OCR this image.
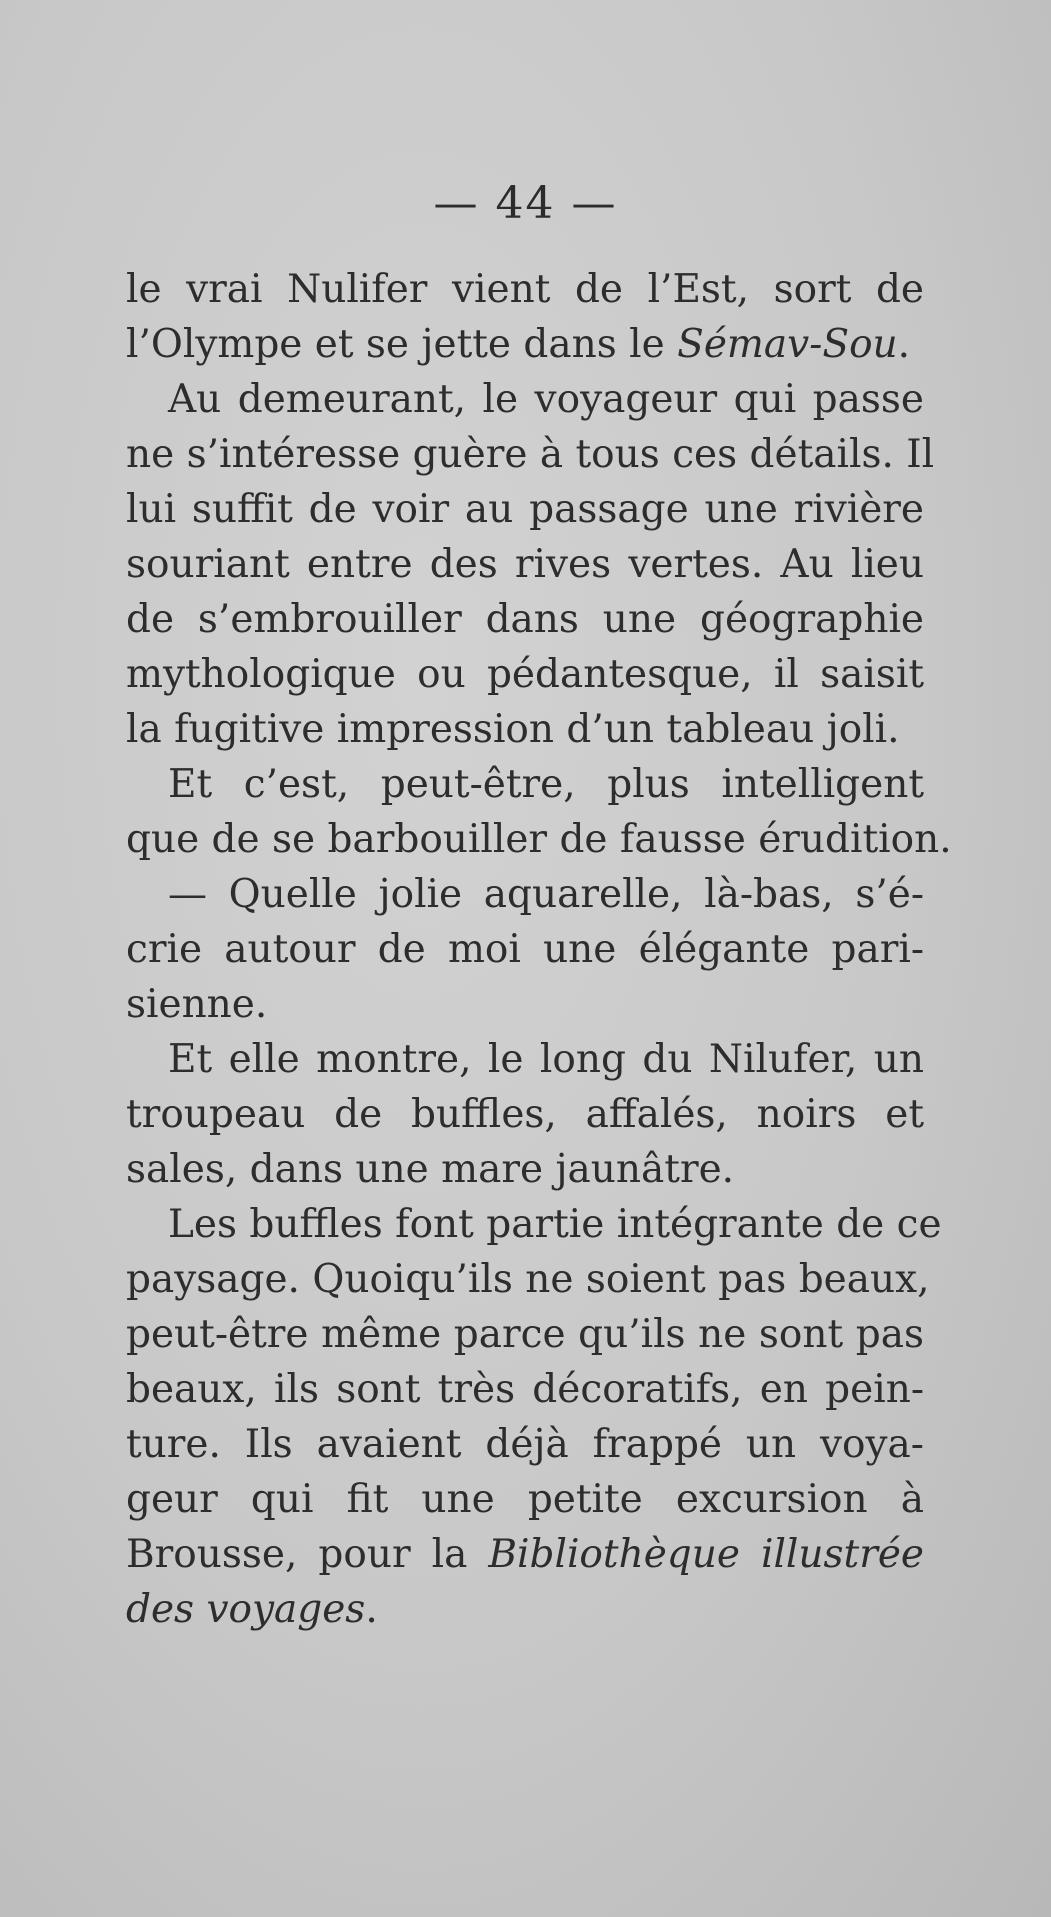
— 44 —
le vrai Nulifer vient de l’Est, sort de
l’Olympe et se jette dans le Sémav-Sou.
Au demeurant, le voyageur qui passe
ne s’intéresse guère à tous ces détails. Il
lui suffit de voir au passage une rivière
souriant entre des rives vertes. Au lieu
de s’embrouiller dans une géographie
mythologique ou pédantesque, il saisit
la fugitive impression d’un tableau joli.
Et c’est, peut-être, plus intelligent
que de se barbouiller de fausse érudition.
— Quelle jolie aquarelle, là-bas, s’é-
crie autour de moi une élégante pari-
sienne.
Et elle montre, le long du Nilufer, un
troupeau de buffles, affalés, noirs et
sales, dans une mare jaunâtre.
Les buffles font partie intégrante de ce
paysage. Quoiqu’ils ne soient pas beaux,
peut-être même parce qu’ils ne sont pas
beaux, ils sont très décoratifs, en pein-
ture. Ils avaient déjà frappé un voya-
geur qui fit une petite excursion à
Brousse, pour la Bibliothèque illustrée
des voyages.
